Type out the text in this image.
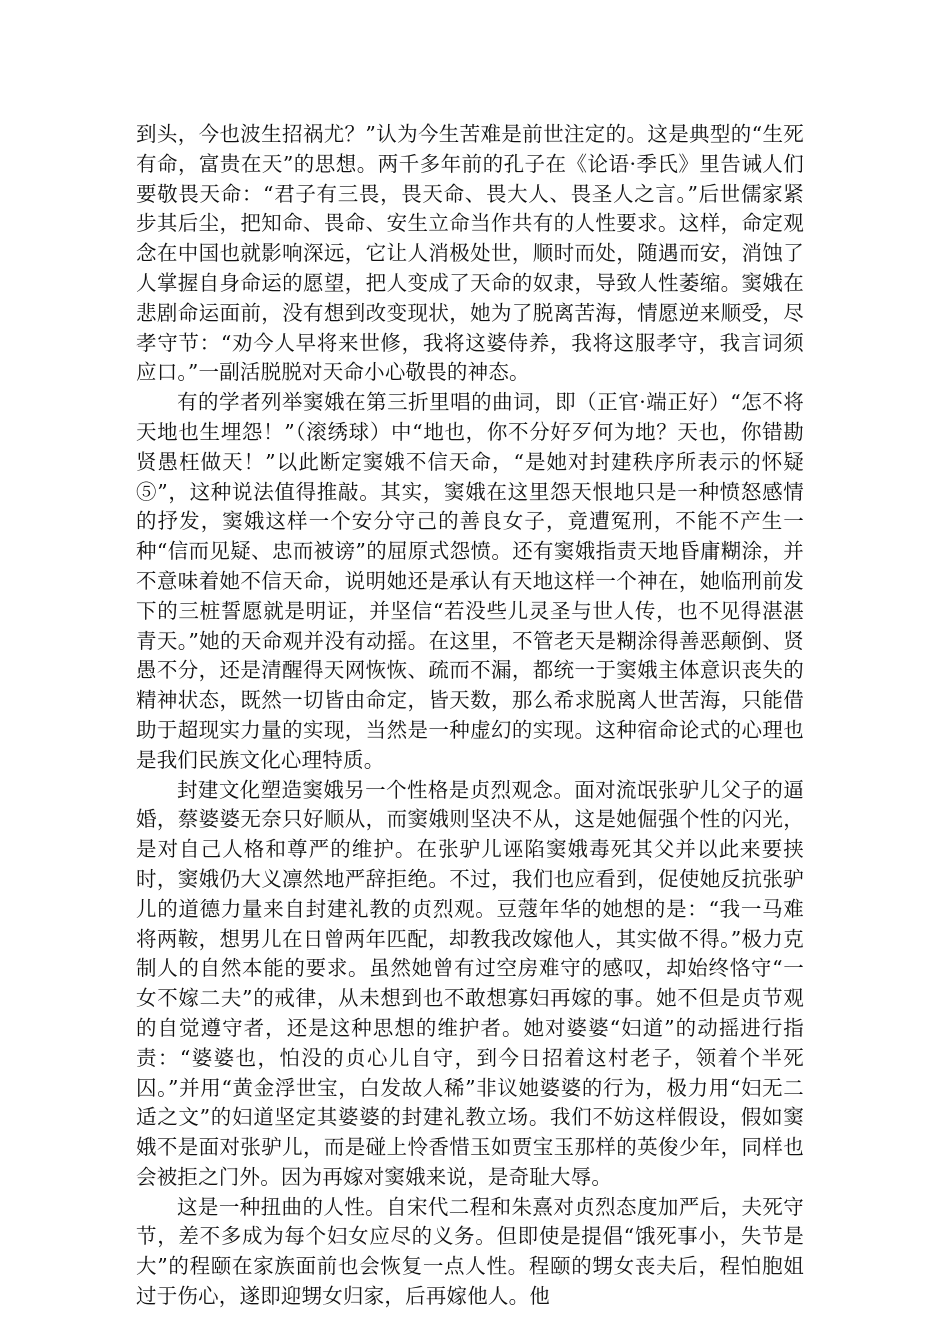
到头，今也波生招祸尤？”认为今生苦难是前世注定的。这是典型的“生死有命，富贵在天”的思想。两千多年前的孔子在《论语·季氏》里告诫人们要敬畏天命：“君子有三畏，畏天命、畏大人、畏圣人之言。”后世儒家紧步其后尘，把知命、畏命、安生立命当作共有的人性要求。这样，命定观念在中国也就影响深远，它让人消极处世，顺时而处，随遇而安，消蚀了人掌握自身命运的愿望，把人变成了天命的奴隶，导致人性萎缩。窦娥在悲剧命运面前，没有想到改变现状，她为了脱离苦海，情愿逆来顺受，尽孝守节：“劝今人早将来世修，我将这婆侍养，我将这服孝守，我言词须应口。”一副活脱脱对天命小心敬畏的神态。

有的学者列举窦娥在第三折里唱的曲词，即（正官·端正好）“怎不将天地也生埋怨！”（滚绣球）中“地也，你不分好歹何为地？天也，你错勘贤愚枉做天！”以此断定窦娥不信天命，“是她对封建秩序所表示的怀疑⑤”，这种说法值得推敲。其实，窦娥在这里怨天恨地只是一种愤怒感情的抒发，窦娥这样一个安分守己的善良女子，竟遭冤刑，不能不产生一种“信而见疑、忠而被谤”的屈原式怨愤。还有窦娥指责天地昏庸糊涂，并不意味着她不信天命，说明她还是承认有天地这样一个神在，她临刑前发下的三桩誓愿就是明证，并坚信“若没些儿灵圣与世人传，也不见得湛湛青天。”她的天命观并没有动摇。在这里，不管老天是糊涂得善恶颠倒、贤愚不分，还是清醒得天网恢恢、疏而不漏，都统一于窦娥主体意识丧失的精神状态，既然一切皆由命定，皆天数，那么希求脱离人世苦海，只能借助于超现实力量的实现，当然是一种虚幻的实现。这种宿命论式的心理也是我们民族文化心理特质。

封建文化塑造窦娥另一个性格是贞烈观念。面对流氓张驴儿父子的逼婚，蔡婆婆无奈只好顺从，而窦娥则坚决不从，这是她倔强个性的闪光，是对自己人格和尊严的维护。在张驴儿诬陷窦娥毒死其父并以此来要挟时，窦娥仍大义凛然地严辞拒绝。不过，我们也应看到，促使她反抗张驴儿的道德力量来自封建礼教的贞烈观。豆蔻年华的她想的是：“我一马难将两鞍，想男儿在日曾两年匹配，却教我改嫁他人，其实做不得。”极力克制人的自然本能的要求。虽然她曾有过空房难守的感叹，却始终恪守“一女不嫁二夫”的戒律，从未想到也不敢想寡妇再嫁的事。她不但是贞节观的自觉遵守者，还是这种思想的维护者。她对婆婆“妇道”的动摇进行指责：“婆婆也，怕没的贞心儿自守，到今日招着这村老子，领着个半死囚。”并用“黄金浮世宝，白发故人稀”非议她婆婆的行为，极力用“妇无二适之文”的妇道坚定其婆婆的封建礼教立场。我们不妨这样假设，假如窦娥不是面对张驴儿，而是碰上怜香惜玉如贾宝玉那样的英俊少年，同样也会被拒之门外。因为再嫁对窦娥来说，是奇耻大辱。

这是一种扭曲的人性。自宋代二程和朱熹对贞烈态度加严后，夫死守节，差不多成为每个妇女应尽的义务。但即使是提倡“饿死事小，失节是大”的程颐在家族面前也会恢复一点人性。程颐的甥女丧夫后，程怕胞姐过于伤心，遂即迎甥女归家，后再嫁他人。他
